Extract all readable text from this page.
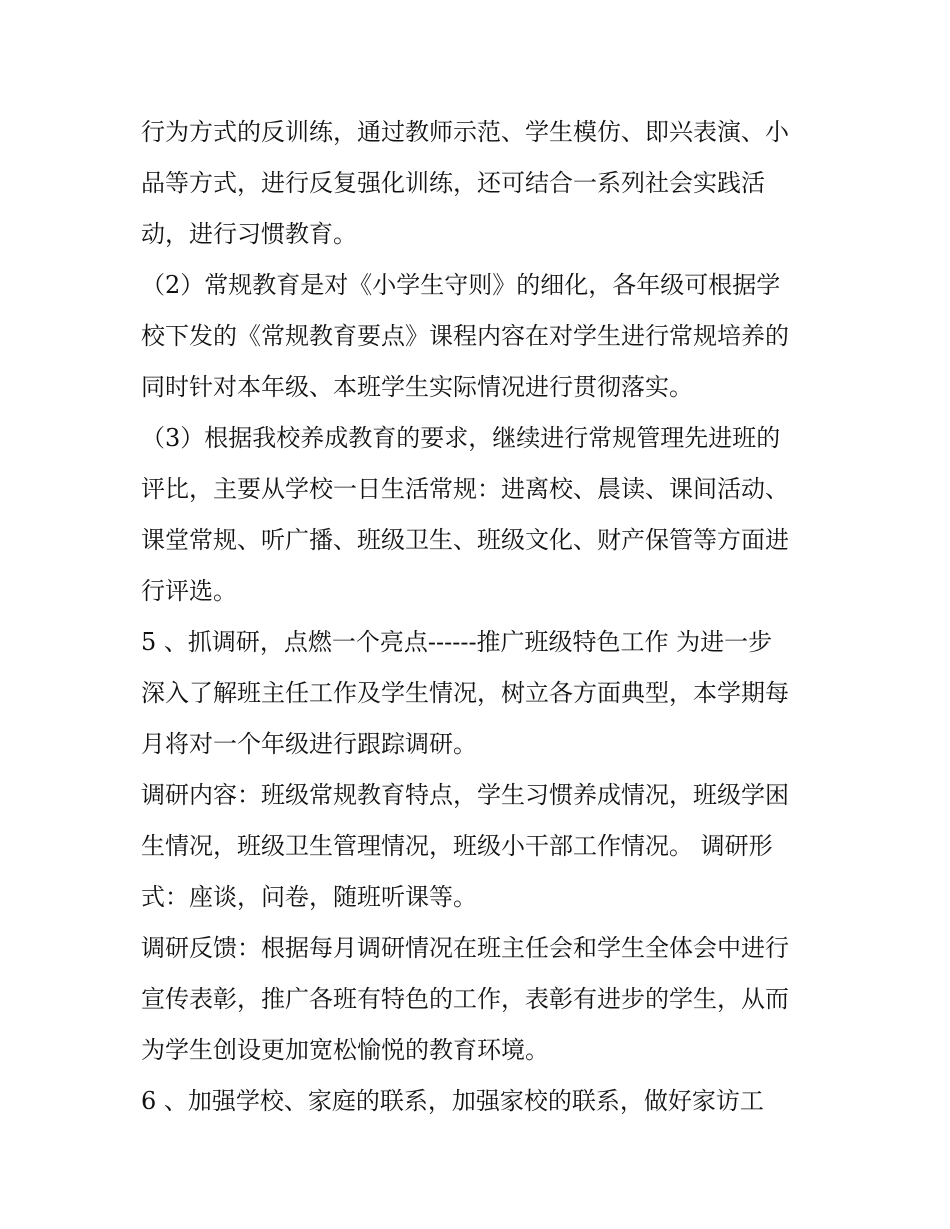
行为方式的反训练，通过教师示范、学生模仿、即兴表演、小
品等方式，进行反复强化训练，还可结合一系列社会实践活
动，进行习惯教育。
（2）常规教育是对《小学生守则》的细化，各年级可根据学
校下发的《常规教育要点》课程内容在对学生进行常规培养的
同时针对本年级、本班学生实际情况进行贯彻落实。
（3）根据我校养成教育的要求，继续进行常规管理先进班的
评比，主要从学校一日生活常规：进离校、晨读、课间活动、
课堂常规、听广播、班级卫生、班级文化、财产保管等方面进
行评选。
5 、抓调研，点燃一个亮点------推广班级特色工作 为进一步
深入了解班主任工作及学生情况，树立各方面典型，本学期每
月将对一个年级进行跟踪调研。
调研内容：班级常规教育特点，学生习惯养成情况，班级学困
生情况，班级卫生管理情况，班级小干部工作情况。 调研形
式：座谈，问卷，随班听课等。
调研反馈：根据每月调研情况在班主任会和学生全体会中进行
宣传表彰，推广各班有特色的工作，表彰有进步的学生，从而
为学生创设更加宽松愉悦的教育环境。
6 、加强学校、家庭的联系，加强家校的联系，做好家访工
